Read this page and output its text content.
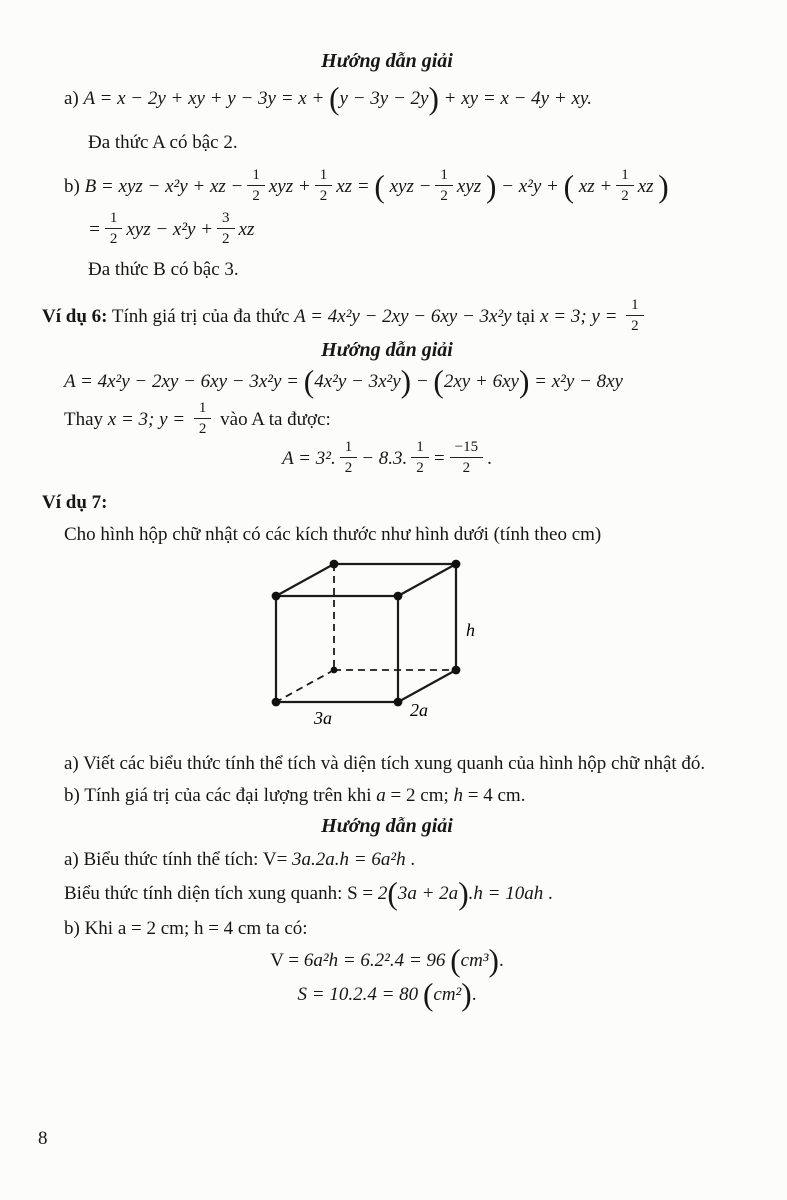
Hướng dẫn giải
a) A = x − 2y + xy + y − 3y = x + (y − 3y − 2y) + xy = x − 4y + xy.
Đa thức A có bậc 2.
b) B = xyz − x²y + xz − $\frac{1}{2}$ xyz + $\frac{1}{2}$ xz = ( xyz − $\frac{1}{2}$ xyz ) − x²y + ( xz + $\frac{1}{2}$ xz )
= $\frac{1}{2}$ xyz − $x^2y + \frac{3}{2}$ xz
Đa thức B có bậc 3.
Ví dụ 6: Tính giá trị của đa thức A = 4x²y − 2xy − 6xy − 3x²y tại x = 3; $y = \frac{1}{2}$
Hướng dẫn giải
A = 4x²y − 2xy − 6xy − 3x²y = (4x²y − 3x²y) − (2xy + 6xy) = x²y − 8xy
Thay x = 3; $y = \frac{1}{2}$ vào A ta được:
A = 3². $\frac{1}{2} - 8.3$. $\frac{1}{2} = \frac{-15}{2}$ .
Ví dụ 7:
Cho hình hộp chữ nhật có các kích thước như hình dưới (tính theo cm)
h
2a
3a
a) Viết các biểu thức tính thể tích và diện tích xung quanh của hình hộp chữ nhật đó.
b) Tính giá trị của các đại lượng trên khi a = 2 cm; h = 4 cm.
Hướng dẫn giải
a) Biểu thức tính thể tích: V= 3a.2a.h = 6a²h .
Biểu thức tính diện tích xung quanh: S = 2(3a + 2a).h = 10ah .
b) Khi a = 2 cm; h = 4 cm ta có:
V = 6a²h = 6.2².4 = 96 (cm³).
S = 10.2.4 = 80 (cm²).
8
